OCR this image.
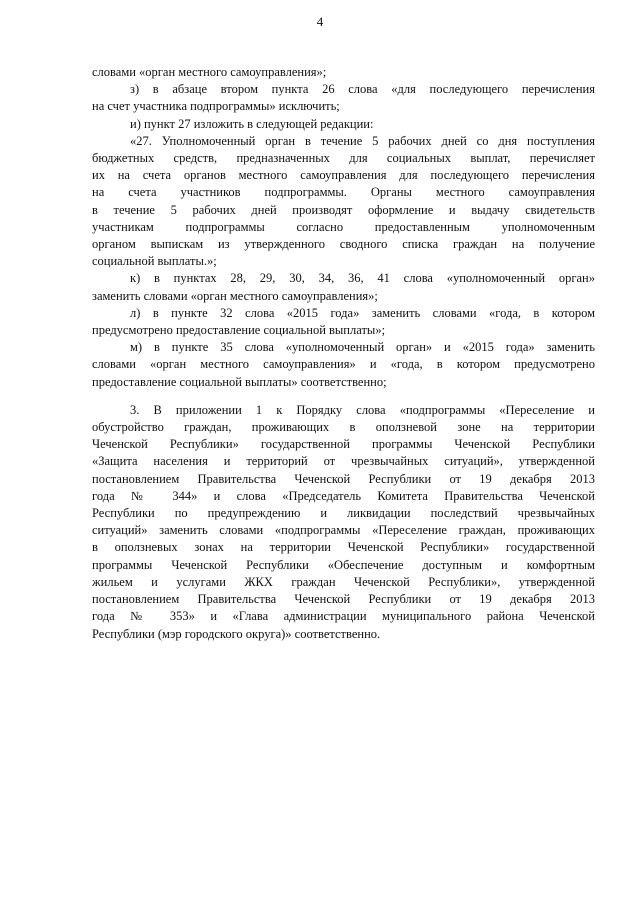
4
словами «орган местного самоуправления»;
з) в абзаце втором пункта 26 слова «для последующего перечисления
на счет участника подпрограммы» исключить;
и) пункт 27 изложить в следующей редакции:
«27. Уполномоченный орган в течение 5 рабочих дней со дня поступления
бюджетных средств, предназначенных для социальных выплат, перечисляет
их на счета органов местного самоуправления для последующего перечисления
на счета участников подпрограммы. Органы местного самоуправления
в течение 5 рабочих дней производят оформление и выдачу свидетельств
участникам подпрограммы согласно предоставленным уполномоченным
органом выпискам из утвержденного сводного списка граждан на получение
социальной выплаты.»;
к) в пунктах 28, 29, 30, 34, 36, 41 слова «уполномоченный орган»
заменить словами «орган местного самоуправления»;
л) в пункте 32 слова «2015 года» заменить словами «года, в котором
предусмотрено предоставление социальной выплаты»;
м) в пункте 35 слова «уполномоченный орган» и «2015 года» заменить
словами «орган местного самоуправления» и «года, в котором предусмотрено
предоставление социальной выплаты» соответственно;
3. В приложении 1 к Порядку слова «подпрограммы «Переселение и
обустройство граждан, проживающих в оползневой зоне на территории
Чеченской Республики» государственной программы Чеченской Республики
«Защита населения и территорий от чрезвычайных ситуаций», утвержденной
постановлением Правительства Чеченской Республики от 19 декабря 2013
года № 344» и слова «Председатель Комитета Правительства Чеченской
Республики по предупреждению и ликвидации последствий чрезвычайных
ситуаций» заменить словами «подпрограммы «Переселение граждан, проживающих
в оползневых зонах на территории Чеченской Республики» государственной
программы Чеченской Республики «Обеспечение доступным и комфортным
жильем и услугами ЖКХ граждан Чеченской Республики», утвержденной
постановлением Правительства Чеченской Республики от 19 декабря 2013
года № 353» и «Глава администрации муниципального района Чеченской
Республики (мэр городского округа)» соответственно.
